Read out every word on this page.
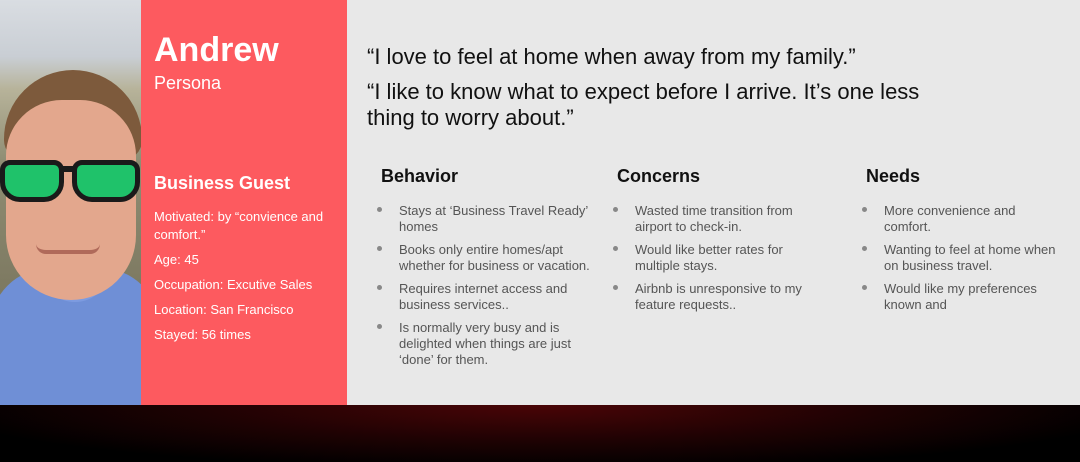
Andrew
Persona
Business Guest
Motivated: by “convience and comfort.”
Age: 45
Occupation: Excutive Sales
Location: San Francisco
Stayed: 56 times
“I love to feel at home when away from my family.”
“I like to know what to expect before I arrive. It’s one less thing to worry about.”
Behavior
Stays at ‘Business Travel Ready’ homes
Books only entire homes/apt whether for business or vacation.
Requires internet access and business services..
Is normally very busy and is delighted when things are just ‘done’ for them.
Concerns
Wasted time transition from airport to check-in.
Would like better rates for multiple stays.
Airbnb is unresponsive to my feature requests..
Needs
More convenience and comfort.
Wanting to feel at home when on business travel.
Would like my preferences known and
